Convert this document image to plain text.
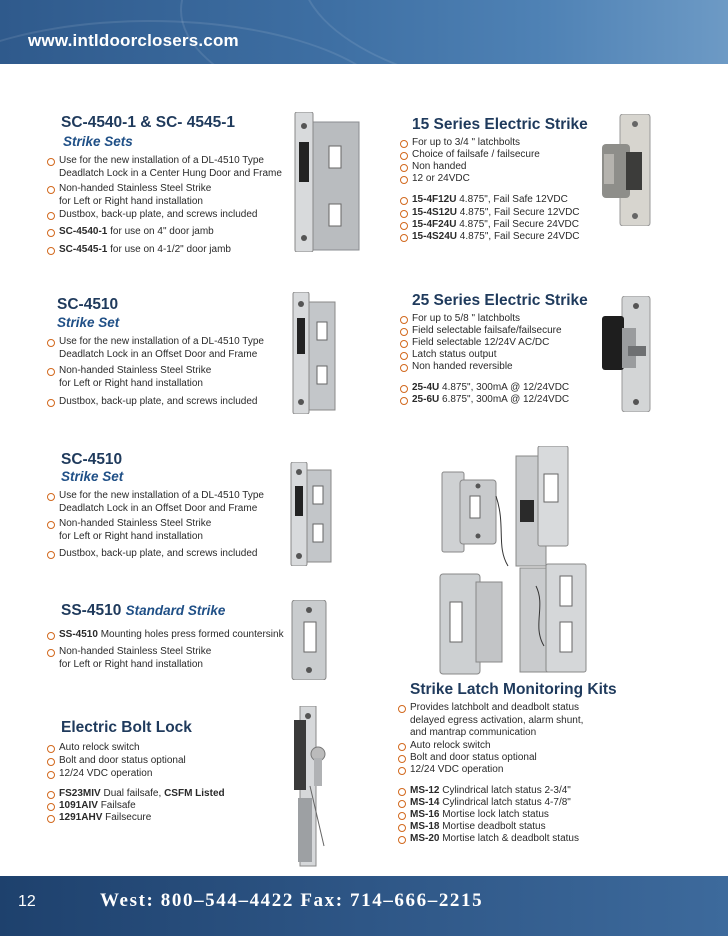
www.intldoorclosers.com
SC-4540-1 & SC- 4545-1
Strike Sets
Use for the new installation of a DL-4510 Type
Deadlatch Lock in a Center Hung Door and Frame
Non-handed Stainless Steel Strike
for Left or Right hand installation
Dustbox, back-up plate, and screws included
SC-4540-1 for use on 4" door jamb
SC-4545-1 for use on 4-1/2" door jamb
SC-4510
Strike Set
Use for the new installation of a DL-4510 Type
Deadlatch Lock in an Offset Door and Frame
Non-handed Stainless Steel Strike
for Left or Right hand installation
Dustbox, back-up plate, and screws included
SC-4510
Strike Set
Use for the new installation of a DL-4510 Type
Deadlatch Lock in an Offset Door and Frame
Non-handed Stainless Steel Strike
for Left or Right hand installation
Dustbox, back-up plate, and screws included
SS-4510 Standard Strike
SS-4510 Mounting holes press formed countersink
Non-handed Stainless Steel Strike
for Left or Right hand installation
Electric Bolt Lock
Auto relock switch
Bolt and door status optional
12/24 VDC operation
FS23MIV Dual failsafe, CSFM Listed
1091AIV Failsafe
1291AHV Failsecure
15 Series Electric Strike
For up to 3/4 " latchbolts
Choice of failsafe / failsecure
Non handed
12 or 24VDC
15-4F12U 4.875", Fail Safe 12VDC
15-4S12U 4.875", Fail Secure 12VDC
15-4F24U 4.875", Fail Secure 24VDC
15-4S24U 4.875", Fail Secure 24VDC
25 Series Electric Strike
For up to 5/8 " latchbolts
Field selectable failsafe/failsecure
Field selectable 12/24V AC/DC
Latch status output
Non handed reversible
25-4U 4.875", 300mA @ 12/24VDC
25-6U 6.875", 300mA @ 12/24VDC
Strike Latch Monitoring Kits
Provides latchbolt and deadbolt status
delayed egress activation, alarm shunt,
and mantrap communication
Auto relock switch
Bolt and door status optional
12/24 VDC operation
MS-12 Cylindrical latch status 2-3/4"
MS-14 Cylindrical latch status 4-7/8"
MS-16 Mortise lock latch status
MS-18 Mortise deadbolt status
MS-20 Mortise latch & deadbolt status
12	West: 800–544–4422 Fax: 714–666–2215
